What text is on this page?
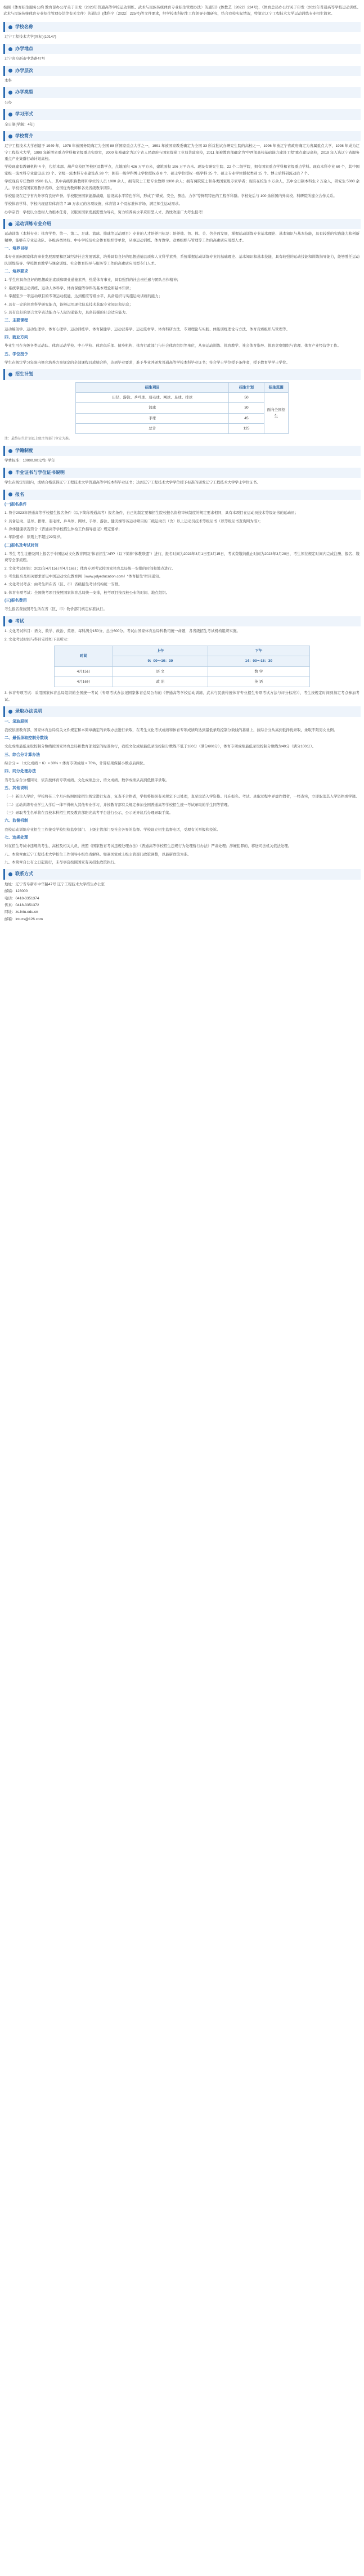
按照《体育招生服务公约 教育部办公厅关于印发〈2023年普通高等学校运动训练、武术与民族传统体育专业招生管理办法〉的通知》(体教艺〔2022〕224号)、《体育总局办公厅关于印发〈2023年普通高等学校运动训练、武术与民族传统体育专业招生管理办法等有关文件〉的通知》(体科字〔2022〕225号)等文件要求，经学校本科招生工作领导小组研究，结合我校实际情况，特制定辽宁工程技术大学运动训练专业招生简章。

学校名称

辽宁工程技术大学(国标)(10147)

办学地点

辽宁省阜新市中华路47号

办学层次

本科

办学类型

公办

学习形式

全日制(学制：4年)

学校简介

辽宁工程技术大学创建于 1949 年，1978 年被国务院确定为全国 88 所国家重点大学之一，1991 年被国家教委确定为全国 33 所首批试办研究生院的高校之一，1996 年被辽宁省政府确定为省属重点大学，1998 年成为辽宁工程技术大学，1999 年新增省重点学科和省级重点实验室，2000 年被确定为辽宁省人民政府与国家煤炭工业局共建高校，2011 年被教育部确定为“中西部高校基础能力建设工程”重点建设高校，2019 年入选辽宁省服务重点产业集群行动计划高校。

学校现建有教研机构 4 个，包括本部、葫芦岛校区等校区及教学点，点地面积 426 万平方米，建筑面积 106 万平方米。现设有研究生院、22 个二级学院，拥有国家重点学科和省级重点学科。现有本科专业 60 个，其中国家级一流本科专业建设点 23 个、省级一流本科专业建设点 28 个；拥有一级学科博士学位授权点 8 个、硕士学位授权一级学科 25 个、硕士专业学位授权类别 15 个、博士后科研流动站 7 个。

学校现有专任教师 1500 名人，其中高级职称教师和学位的人员 1000 余人，拥有院士工程专业教师 1300 余人；拥有两院院士和各类国家级专家学者；现有在校生 3 万余人，其中全日制本科生 2 万余人，研究生 5000 余人。学校设有国家级教学名师、全国优秀教师和各类省级教学团队。

学校建设在辽宁省内外享有良好声誉。学校服务国家能源战略，建设高水平特色学科，形成了“煤炭、安全、测绘、力学”等鲜明特色的工程学科群。学校先后与 100 余所国内外高校、科研院所建立合作关系。

学校体育学科、学校内现建有体育馆 7 15 万余元的各项设施，体育馆 3 个及标准体育场，满足师生运动需求。

办学宗旨：学校以立德树人为根本任务，以服务国家发展需要为导向，努力培养高水平应用型人才。热忱欢迎广大考生报考！

运动训练专业介绍

运动训练（本科专业：体育学类、第一、第二、足球、篮球、排球等运动项目）专业的人才培养目标是：培养德、智、体、美、劳全面发展，掌握运动训练专业基本理论、基本知识与基本技能，具有较强的实践能力和创新精神，能够在专业运动队、各级各类体校、中小学校及社会体育组织等单位，从事运动训练、体育教学、竞赛组织与管理等工作的高素质应用型人才。

一、培养目标

本专业面向国家体育事业发展需要和区域经济社会发展需求，培养具有良好的思想道德品质和人文科学素养，系统掌握运动训练专业的基础理论、基本知识和基本技能，具有较强的运动技能和训练指导能力，能够胜任运动队训练指导、学校体育教学与课余训练、社会体育指导与服务等工作的高素质应用型专门人才。

二、培养要求

1. 学生应具备良好的思想政治素质和职业道德素养，热爱体育事业，具有强烈的社会责任感与团队合作精神；

2. 系统掌握运动训练、运动人体科学、体育保健等学科的基本理论和基本知识；

3. 掌握至少一项运动项目的专项运动技能，达到相应等级水平，具备组织与实施运动训练的能力；

4. 具有一定的体育科学研究能力，能够运用现代信息技术获取专业知识和信息；

5. 具有良好的语言文字表达能力与人际沟通能力，具备较强的社会适应能力。

三、主要课程

运动解剖学、运动生理学、体育心理学、运动训练学、体育保健学、运动营养学、运动选材学、体育科研方法、专项理论与实践、体能训练理论与方法、体育竞赛组织与管理等。

四、就业方向

毕业生可在各级各类运动队、体育运动学校、中小学校、体育俱乐部、健身机构、体育行政部门与社会体育组织等单位，从事运动训练、体育教学、社会体育指导、体育竞赛组织与管理、体育产业经营等工作。

五、学位授予

学生在规定学习年限内修完培养方案规定的全部课程且成绩合格，达到毕业要求，准予毕业并颁发普通高等学校本科毕业证书；符合学士学位授予条件者，授予教育学学士学位。

招生计划
招生项目	招生计划	招生范围
田径、游泳、乒乓球、羽毛球、网球、足球、排球	50	面向全国招生
篮球	30	
手球	45	
总计	125	

注：最终招生计划以上级主管部门审定为准。

学籍制度

学费标准：10000.00元/生·学年

毕业证书与学位证书说明

学生在规定年限内，成绩合格获得辽宁工程技术大学普通高等学校本科毕业证书；达到辽宁工程技术大学学位授予标准的颁发辽宁工程技术大学学士学位证书。

报名

(一)报名条件

1. 符合2023年普通高等学校招生报名条件（以下简称普通高考）报名条件，自己的制定要和招生院校报名资格审核制度的规定要求相同，具有本项目在运动员技术等级证书的运动员；

2. 具备运动、足球、排球、羽毛球、乒乓球、网球、手球、游泳、健美操等各运动项目的二级运动员（含）以上运动员技术等级证书（以等级证书查询网为准）；

3. 身体健康状况符合《普通高等学校招生体检工作指导意见》规定要求；

4. 年龄要求：原则上不超过22周岁。

(二)报名及考试时间

1. 考生 考生注册及网上报名于中国运动文化教育网及“体育招生”APP（以下简称“体教联盟”）进行，报名时间为2023年3月1日至3月15日，考试费缴纳截止时间为2023年3月20日，考生须在规定时间内完成注册、报名、缴费等全部流程。

2. 文化考试时间：2023年4月15日至4月16日；体育专项考试按国家体育总局统一安排的时间和地点进行。

3. 考生报名及相关要求详见中国运动文化教育网（www.ydyeducation.com）“体育招生”栏目通知。

4. 文化考试考点：由考生所在省（区、市）省级招生考试机构统一安排。

5. 体育专项考试：全国统考项目按照国家体育总局统一安排，校考项目按我校公布的时间、地点组织。

(三)报名费用

考生报名费按照考生所在省（区、市）物价部门核定标准执行。

考试

1. 文化考试科目：语文、数学、政治、英语，每科满分150分，总分600分。考试由国家体育总局科教司统一命题，各省级招生考试机构组织实施。

2. 文化考试时间与科目安排如下表所示：

时间	上午	下午
	9：00～10：30	14：00～15：30
4月15日	语 文	数 学
4月16日	政 治	英 语

3. 体育专项考试：采用国家体育总局组织的全国统一考试（专项考试办法见国家体育总局公布的《普通高等学校运动训练、武术与民族传统体育专业招生专项考试方法与评分标准》），考生按规定时间到指定考点参加考试。

录取办法说明

一、录取原则

我校依据教育部、国家体育总局有关文件规定和本简章确定的录取办法进行录取，在考生文化考试成绩和体育专项成绩均达到最低录取控制分数线的基础上，按综合分从高到低择优录取，录取不限男女比例。

二、最低录取控制分数线

文化成绩最低录取控制分数线按国家体育总局和教育部划定的标准执行，我校文化成绩最低录取控制分数线不低于180分（满分600分），体育专项成绩最低录取控制分数线为40分（满分100分）。

三、综合分计算办法

综合分 = （文化成绩 ÷ 6）× 30% + 体育专项成绩 × 70%，计算结果保留小数点后两位。

四、同分处理办法

当考生综合分相同时，依次按体育专项成绩、文化成绩总分、语文成绩、数学成绩从高到低排序录取。

五、其他说明

（一）新生入学后，学校将在三个月内按照国家招生规定进行复查，复查不合格者，学校将根据有关规定予以处理，直至取消入学资格。凡在报名、考试、录取过程中弄虚作假者，一经查实，立即取消其入学资格或学籍。

（二）运动训练专业学生入学后一律不得转入其他专业学习，并按教育部有关规定参加全国普通高等学校招生统一考试录取的学生同等管理。

（三）录取考生名单将在我校本科招生网及教育部阳光高考平台进行公示，公示无异议后办理录取手续。

六、监督机制

我校运动训练专业招生工作接受学校纪检监察部门、上级主管部门及社会各界的监督。学校设立招生监督电话，受理有关举报和投诉。

七、违规处理

对在招生考试中违规的考生、高校及相关人员，按照《国家教育考试违规处理办法》《普通高等学校招生违规行为处理暂行办法》严肃处理；涉嫌犯罪的，移送司法机关依法处理。

八、本简章由辽宁工程技术大学招生工作领导小组负责解释。如遇国家或上级主管部门政策调整，以最新政策为准。

九、本简章自公布之日起施行，未尽事宜按照国家有关招生政策执行。

联系方式
地址：辽宁省阜新市中华路47号 辽宁工程技术大学招生办公室
邮编：123000
电话：0418-3351374
传真：0418-3351372
网址：zs.lntu.edu.cn
邮箱：lntuzs@126.com
